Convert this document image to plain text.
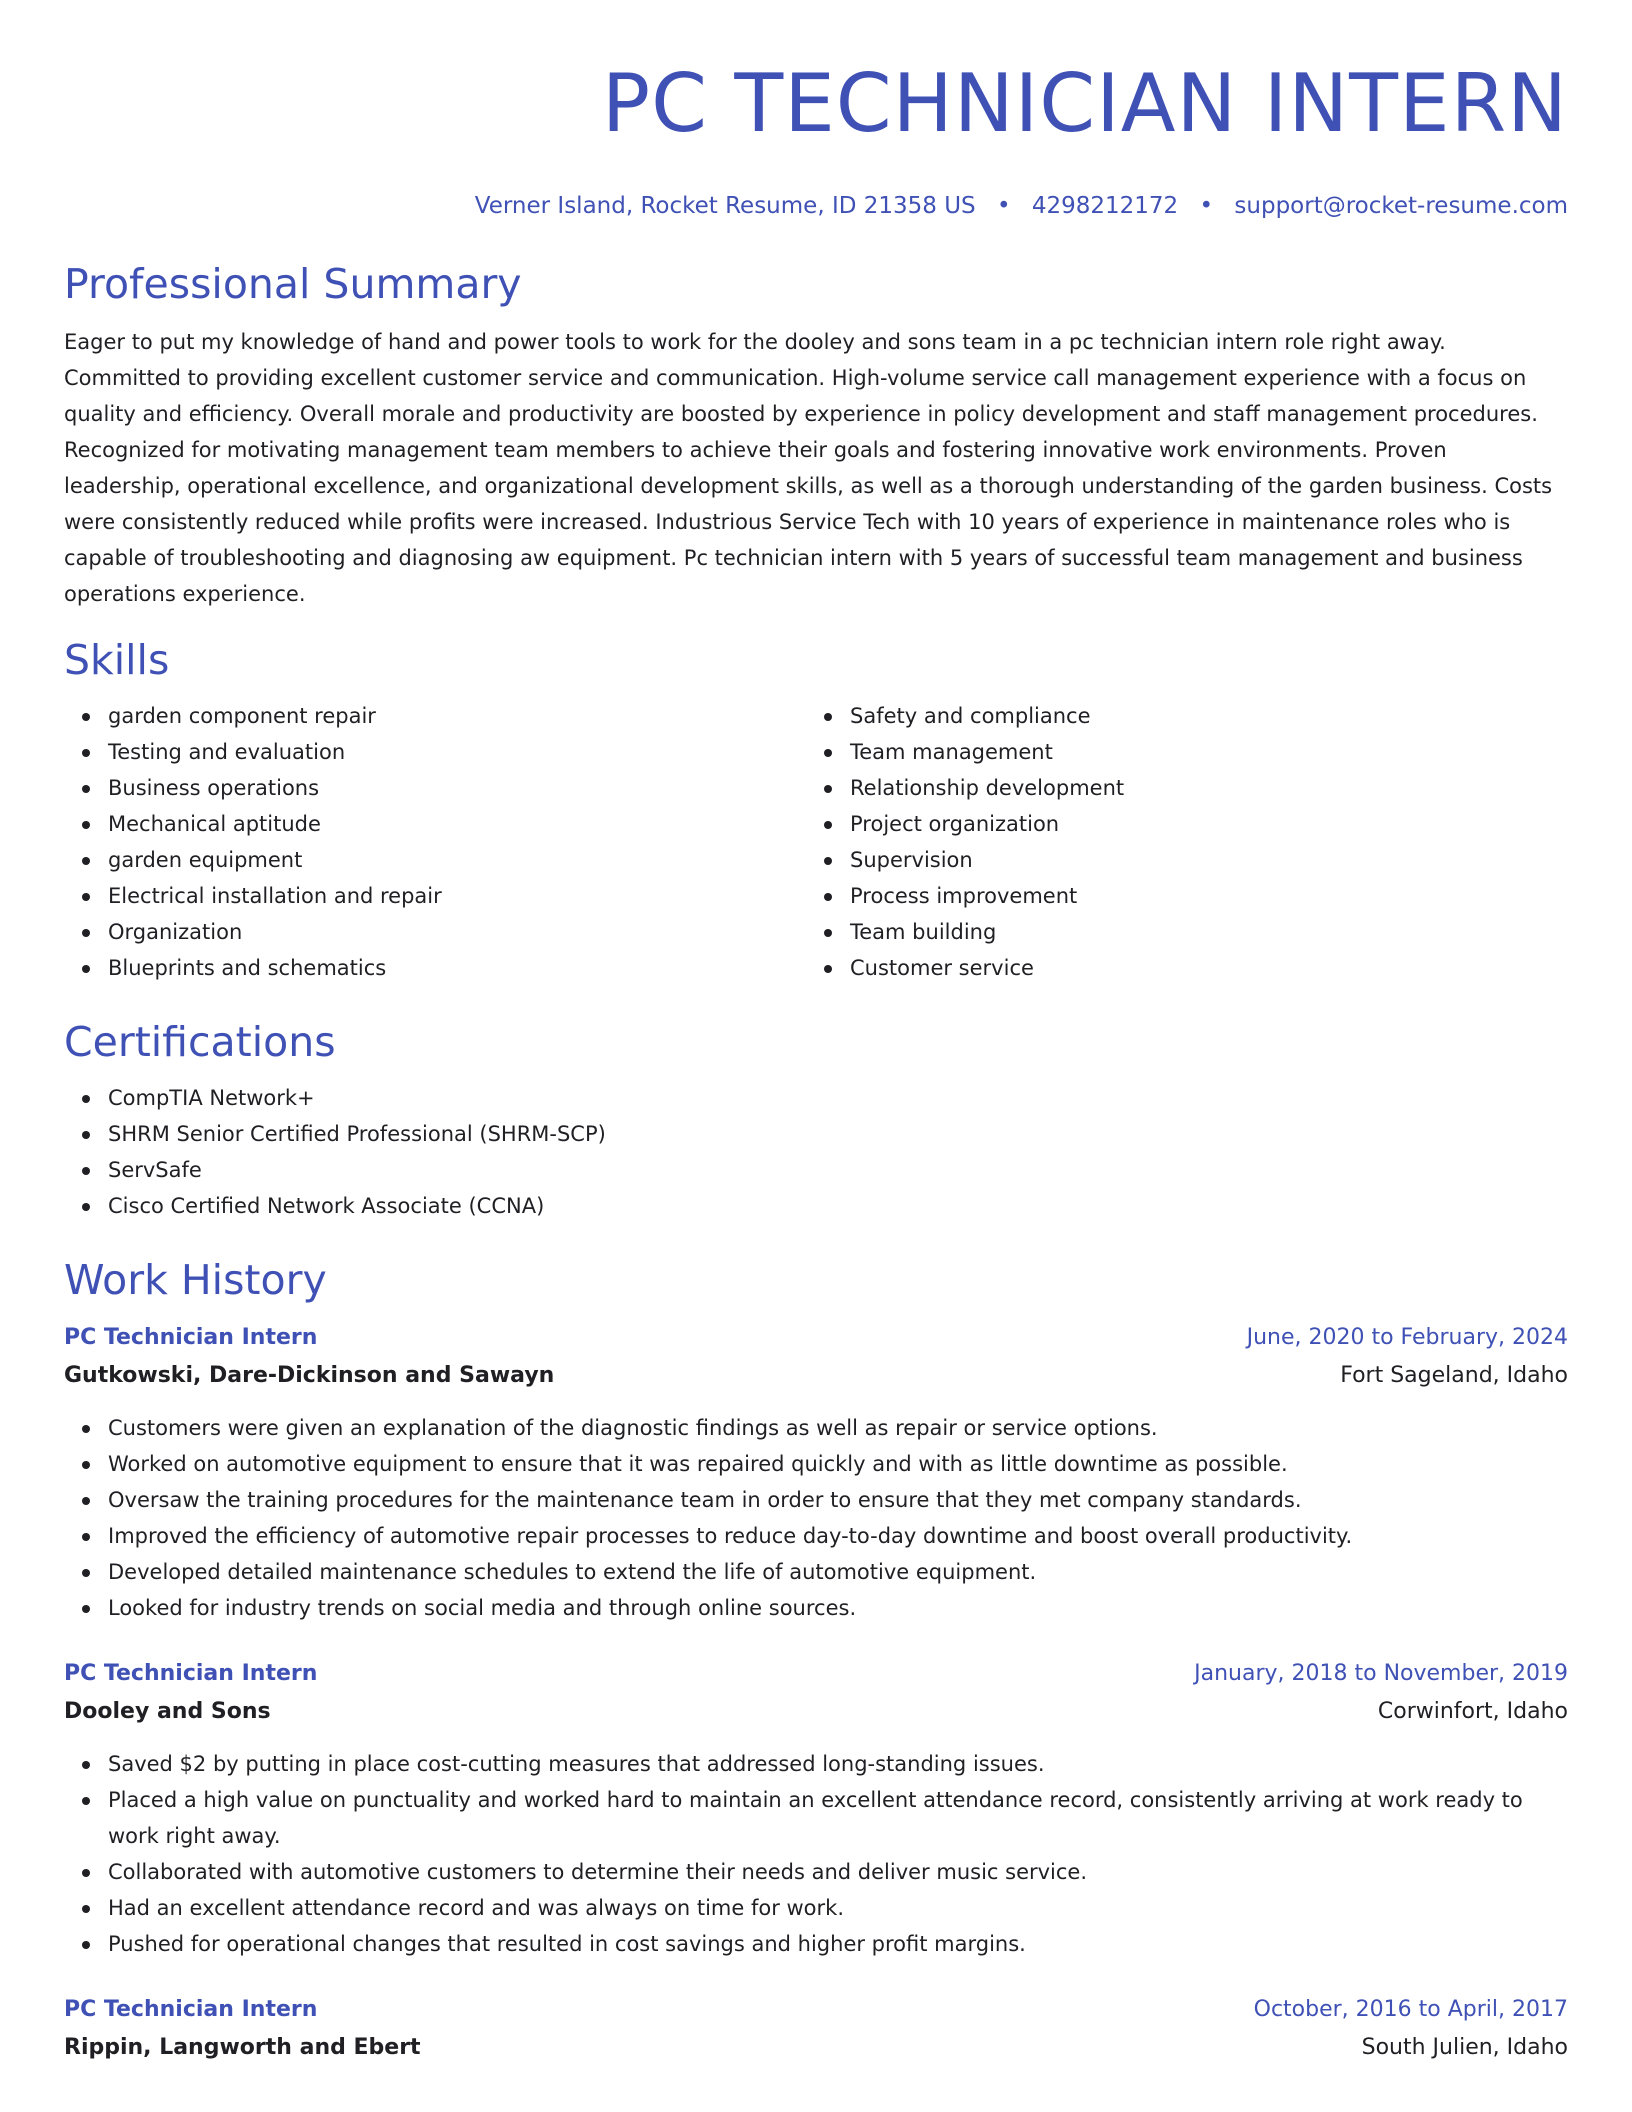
PC TECHNICIAN INTERN
Verner Island, Rocket Resume, ID 21358 US • 4298212172 • support@rocket-resume.com
Professional Summary
Eager to put my knowledge of hand and power tools to work for the dooley and sons team in a pc technician intern role right away. Committed to providing excellent customer service and communication. High-volume service call management experience with a focus on quality and efficiency. Overall morale and productivity are boosted by experience in policy development and staff management procedures. Recognized for motivating management team members to achieve their goals and fostering innovative work environments. Proven leadership, operational excellence, and organizational development skills, as well as a thorough understanding of the garden business. Costs were consistently reduced while profits were increased. Industrious Service Tech with 10 years of experience in maintenance roles who is capable of troubleshooting and diagnosing aw equipment. Pc technician intern with 5 years of successful team management and business operations experience.
Skills
garden component repair
Testing and evaluation
Business operations
Mechanical aptitude
garden equipment
Electrical installation and repair
Organization
Blueprints and schematics
Safety and compliance
Team management
Relationship development
Project organization
Supervision
Process improvement
Team building
Customer service
Certifications
CompTIA Network+
SHRM Senior Certified Professional (SHRM-SCP)
ServSafe
Cisco Certified Network Associate (CCNA)
Work History
PC Technician Intern	June, 2020 to February, 2024
Gutkowski, Dare-Dickinson and Sawayn	Fort Sageland, Idaho
Customers were given an explanation of the diagnostic findings as well as repair or service options.
Worked on automotive equipment to ensure that it was repaired quickly and with as little downtime as possible.
Oversaw the training procedures for the maintenance team in order to ensure that they met company standards.
Improved the efficiency of automotive repair processes to reduce day-to-day downtime and boost overall productivity.
Developed detailed maintenance schedules to extend the life of automotive equipment.
Looked for industry trends on social media and through online sources.
PC Technician Intern	January, 2018 to November, 2019
Dooley and Sons	Corwinfort, Idaho
Saved $2 by putting in place cost-cutting measures that addressed long-standing issues.
Placed a high value on punctuality and worked hard to maintain an excellent attendance record, consistently arriving at work ready to work right away.
Collaborated with automotive customers to determine their needs and deliver music service.
Had an excellent attendance record and was always on time for work.
Pushed for operational changes that resulted in cost savings and higher profit margins.
PC Technician Intern	October, 2016 to April, 2017
Rippin, Langworth and Ebert	South Julien, Idaho
